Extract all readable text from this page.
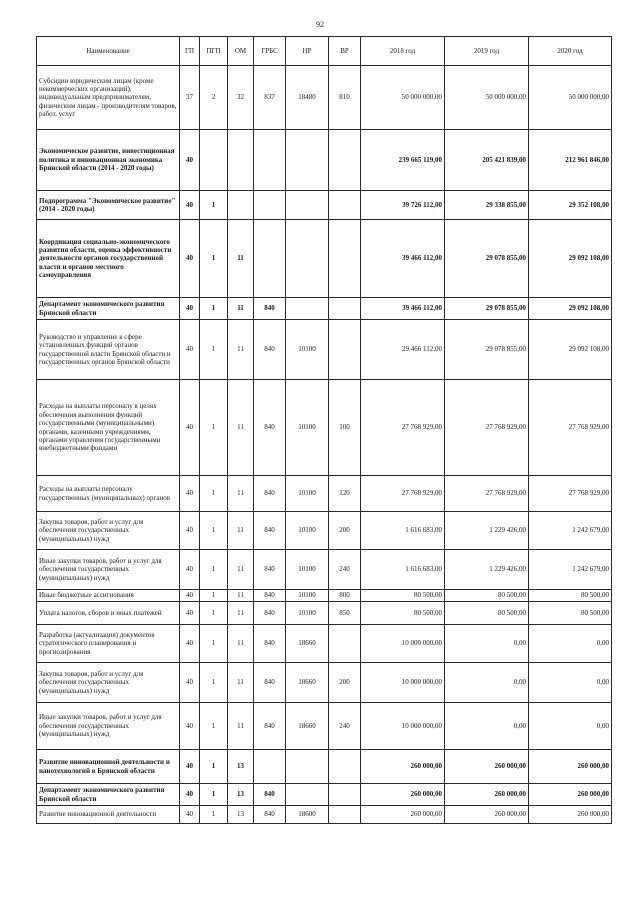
92
Наименование	ГП	ПГП	ОМ	ГРБС	НР	ВР	2018 год	2019 год	2020 год
Субсидии юридическим лицам (кроме некоммерческих организаций), индивидуальным предпринимателям, физическим лицам - производителям товаров, работ, услуг	37	2	32	837	18480	810	50 000 000,00	50 000 000,00	50 000 000,00
Экономическое развитие, инвестиционная политика и инновационная экономика Брянской области (2014 - 2020 годы)	40						239 665 119,00	205 421 839,00	212 961 846,00
Подпрограмма "Экономическое развитие" (2014 - 2020 годы)	40	1					39 726 112,00	29 338 855,00	29 352 108,00
Координация социально-экономического развития области, оценка эффективности деятельности органов государственной власти и органов местного самоуправления	40	1	11				39 466 112,00	29 078 855,00	29 092 108,00
Департамент экономического развития Брянской области	40	1	11	840			39 466 112,00	29 078 855,00	29 092 108,00
Руководство и управление в сфере установленных функций органов государственной власти Брянской области и государственных органов Брянской области	40	1	11	840	10100		29 466 112,00	29 078 855,00	29 092 108,00
Расходы на выплаты персоналу в целях обеспечения выполнения функций государственными (муниципальными) органами, казенными учреждениями, органами управления государственными внебюджетными фондами	40	1	11	840	10100	100	27 768 929,00	27 768 929,00	27 768 929,00
Расходы на выплаты персоналу государственных (муниципальных) органов	40	1	11	840	10100	120	27 768 929,00	27 768 929,00	27 768 929,00
Закупка товаров, работ и услуг для обеспечения государственных (муниципальных) нужд	40	1	11	840	10100	200	1 616 683,00	1 229 426,00	1 242 679,00
Иные закупки товаров, работ и услуг для обеспечения государственных (муниципальных) нужд	40	1	11	840	10100	240	1 616 683,00	1 229 426,00	1 242 679,00
Иные бюджетные ассигнования	40	1	11	840	10100	800	80 500,00	80 500,00	80 500,00
Уплата налогов, сборов и иных платежей	40	1	11	840	10100	850	80 500,00	80 500,00	80 500,00
Разработка (актуализация) документов стратегического планирования и прогнозирования	40	1	11	840	18660		10 000 000,00	0,00	0,00
Закупка товаров, работ и услуг для обеспечения государственных (муниципальных) нужд	40	1	11	840	18660	200	10 000 000,00	0,00	0,00
Иные закупки товаров, работ и услуг для обеспечения государственных (муниципальных) нужд	40	1	11	840	18660	240	10 000 000,00	0,00	0,00
Развитие инновационной деятельности и нанотехнологий в Брянской области	40	1	13				260 000,00	260 000,00	260 000,00
Департамент экономического развития Брянской области	40	1	13	840			260 000,00	260 000,00	260 000,00
Развитие инновационной деятельности	40	1	13	840	18600		260 000,00	260 000,00	260 000,00
